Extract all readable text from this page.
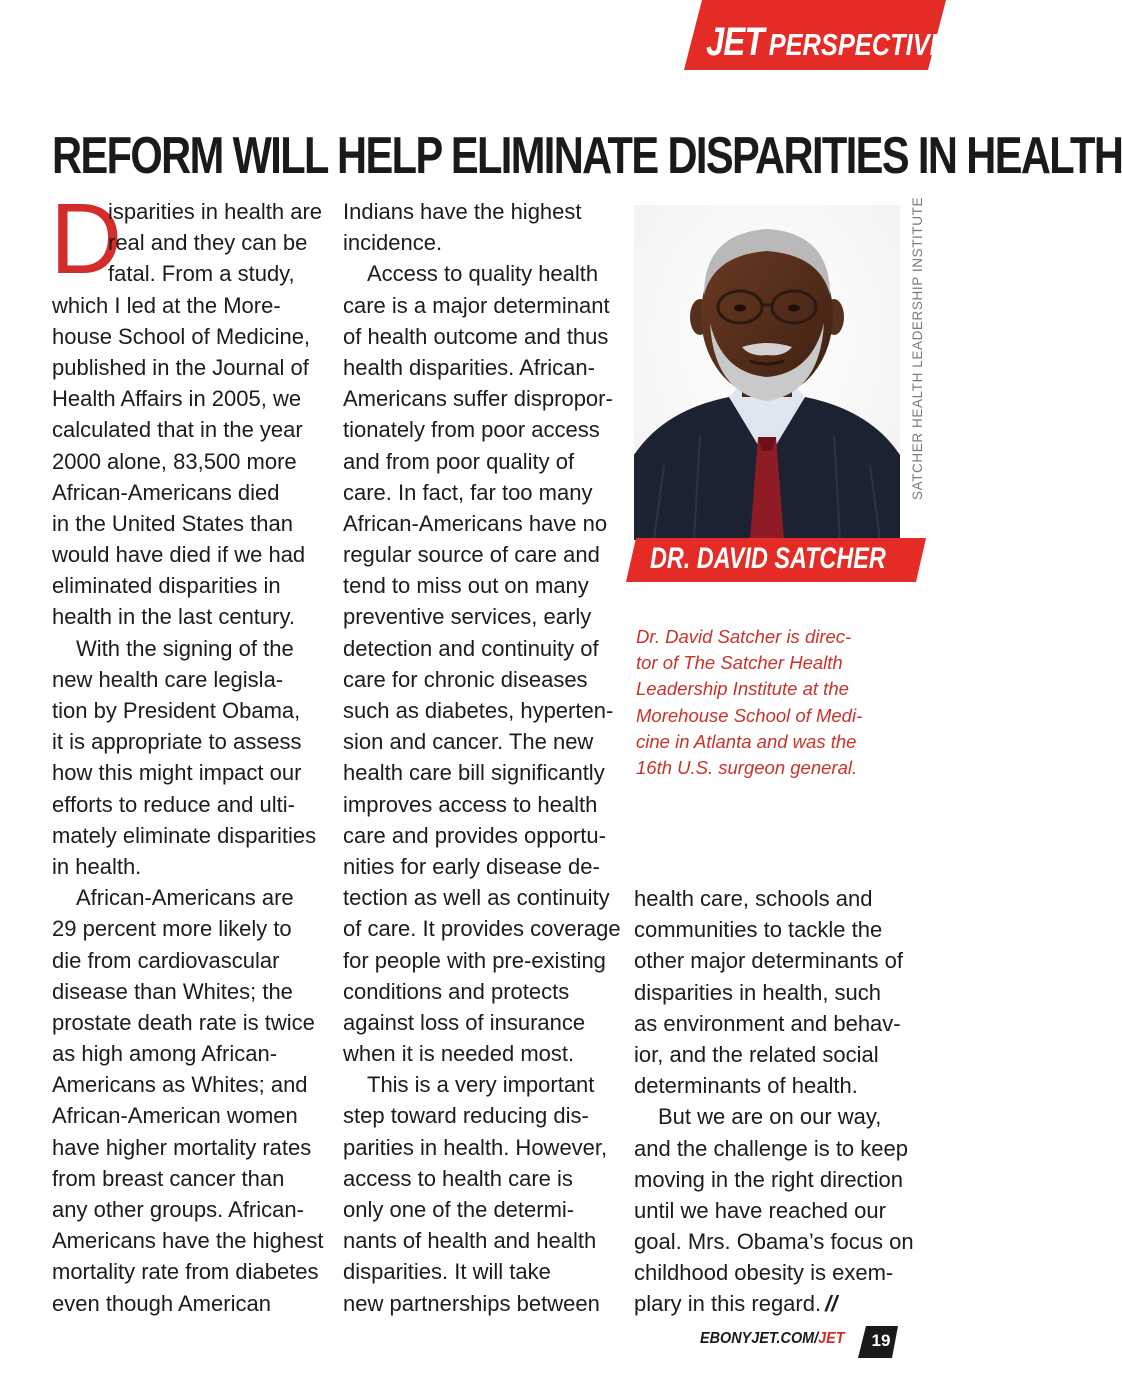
JET PERSPECTIVE
REFORM WILL HELP ELIMINATE DISPARITIES IN HEALTH
SATCHER HEALTH LEADERSHIP INSTITUTE
D
isparities in health are
real and they can be
fatal. From a study,
which I led at the More-
house School of Medicine,
published in the Journal of
Health Affairs in 2005, we
calculated that in the year
2000 alone, 83,500 more
African-Americans died
in the United States than
would have died if we had
eliminated disparities in
health in the last century.
With the signing of the
new health care legisla-
tion by President Obama,
it is appropriate to assess
how this might impact our
efforts to reduce and ulti-
mately eliminate disparities
in health.
African-Americans are
29 percent more likely to
die from cardiovascular
disease than Whites; the
prostate death rate is twice
as high among African-
Americans as Whites; and
African-American women
have higher mortality rates
from breast cancer than
any other groups. African-
Americans have the highest
mortality rate from diabetes
even though American
Indians have the highest
incidence.
Access to quality health
care is a major determinant
of health outcome and thus
health disparities. African-
Americans suffer dispropor-
tionately from poor access
and from poor quality of
care. In fact, far too many
African-Americans have no
regular source of care and
tend to miss out on many
preventive services, early
detection and continuity of
care for chronic diseases
such as diabetes, hyperten-
sion and cancer. The new
health care bill significantly
improves access to health
care and provides opportu-
nities for early disease de-
tection as well as continuity
of care. It provides coverage
for people with pre-existing
conditions and protects
against loss of insurance
when it is needed most.
This is a very important
step toward reducing dis-
parities in health. However,
access to health care is
only one of the determi-
nants of health and health
disparities. It will take
new partnerships between
DR. DAVID SATCHER
Dr. David Satcher is direc-
tor of The Satcher Health
Leadership Institute at the
Morehouse School of Medi-
cine in Atlanta and was the
16th U.S. surgeon general.
health care, schools and
communities to tackle the
other major determinants of
disparities in health, such
as environment and behav-
ior, and the related social
determinants of health.
But we are on our way,
and the challenge is to keep
moving in the right direction
until we have reached our
goal. Mrs. Obama’s focus on
childhood obesity is exem-
plary in this regard. //
EBONYJET.COM/JET	19
